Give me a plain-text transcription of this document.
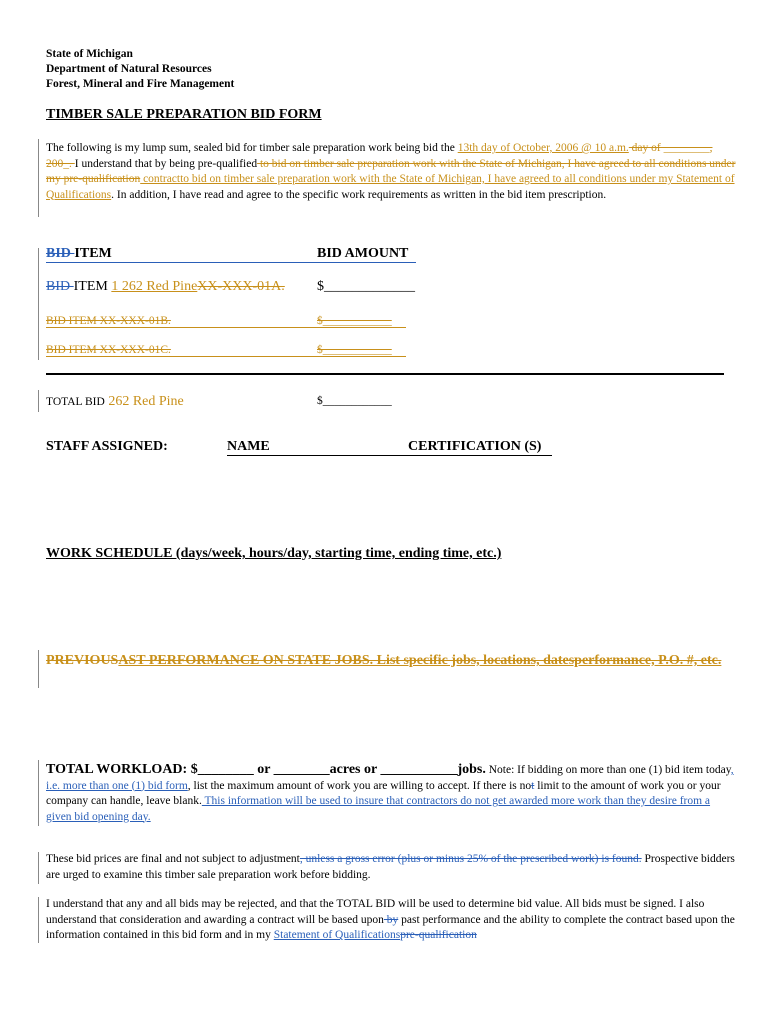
State of Michigan
Department of Natural Resources
Forest, Mineral and Fire Management
TIMBER SALE PREPARATION BID FORM
The following is my lump sum, sealed bid for timber sale preparation work being bid the 13th day of October, 2006 @ 10 a.m. day of ________, 200_. I understand that by being pre-qualified to bid on timber sale preparation work with the State of Michigan, I have agreed to all conditions under my pre-qualification contractto bid on timber sale preparation work with the State of Michigan, I have agreed to all conditions under my Statement of Qualifications. In addition, I have read and agree to the specific work requirements as written in the bid item prescription.
BID ITEM	BID AMOUNT
BID ITEM 1 262 Red PineXX-XXX-01A. $_____________
BID ITEM XX-XXX-01B.	$____________
BID ITEM XX-XXX-01C.	$____________
TOTAL BID 262 Red Pine	$____________
STAFF ASSIGNED:	NAME	CERTIFICATION (S)
WORK SCHEDULE (days/week, hours/day, starting time, ending time, etc.)
PREVIOUSAST PERFORMANCE ON STATE JOBS. List specific jobs, locations, datesperformance, P.O. #, etc.
TOTAL WORKLOAD: $________ or ________acres or ___________jobs. Note: If bidding on more than one (1) bid item today, i.e. more than one (1) bid form, list the maximum amount of work you are willing to accept. If there is not limit to the amount of work you or your company can handle, leave blank. This information will be used to insure that contractors do not get awarded more work than they desire from a given bid opening day.
These bid prices are final and not subject to adjustment, unless a gross error (plus or minus 25% of the prescribed work) is found. Prospective bidders are urged to examine this timber sale preparation work before bidding.
I understand that any and all bids may be rejected, and that the TOTAL BID will be used to determine bid value. All bids must be signed. I also understand that consideration and awarding a contract will be based upon by past performance and the ability to complete the contract based upon the information contained in this bid form and in my Statement of Qualificationspre-qualification
